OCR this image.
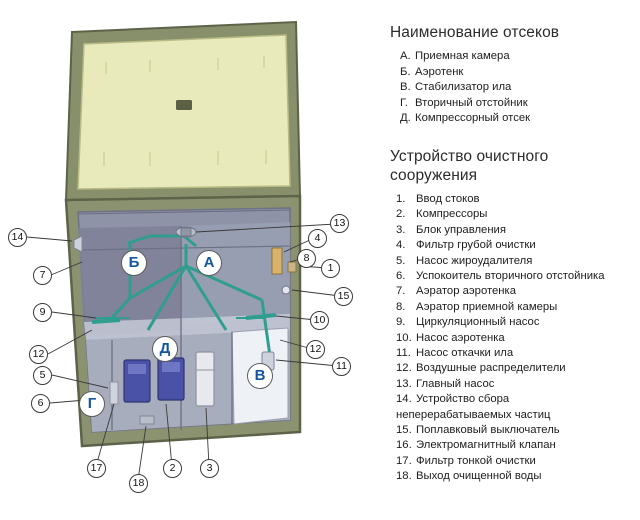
Наименование отсеков
А. Приемная камера
Б. Аэротенк
В. Стабилизатор ила
Г. Вторичный отстойник
Д. Компрессорный отсек
Устройство очистного
сооружения
1. Ввод стоков
2. Компрессоры
3. Блок управления
4. Фильтр грубой очистки
5. Насос жироудалителя
6. Успокоитель вторичного отстойника
7. Аэратор аэротенка
8. Аэратор приемной камеры
9. Циркуляционный насос
10. Насос аэротенка
11. Насос откачки ила
12. Воздушные распределители
13. Главный насос
14. Устройство сбора
неперерабатываемых частиц
15. Поплавковый выключатель
16. Электромагнитный клапан
17. Фильтр тонкой очистки
18. Выход очищенной воды
Б	А
В
Г
Д
14
13
4
8
1
7
15
9
10
12	12
5
11
6
17	2	3
18
